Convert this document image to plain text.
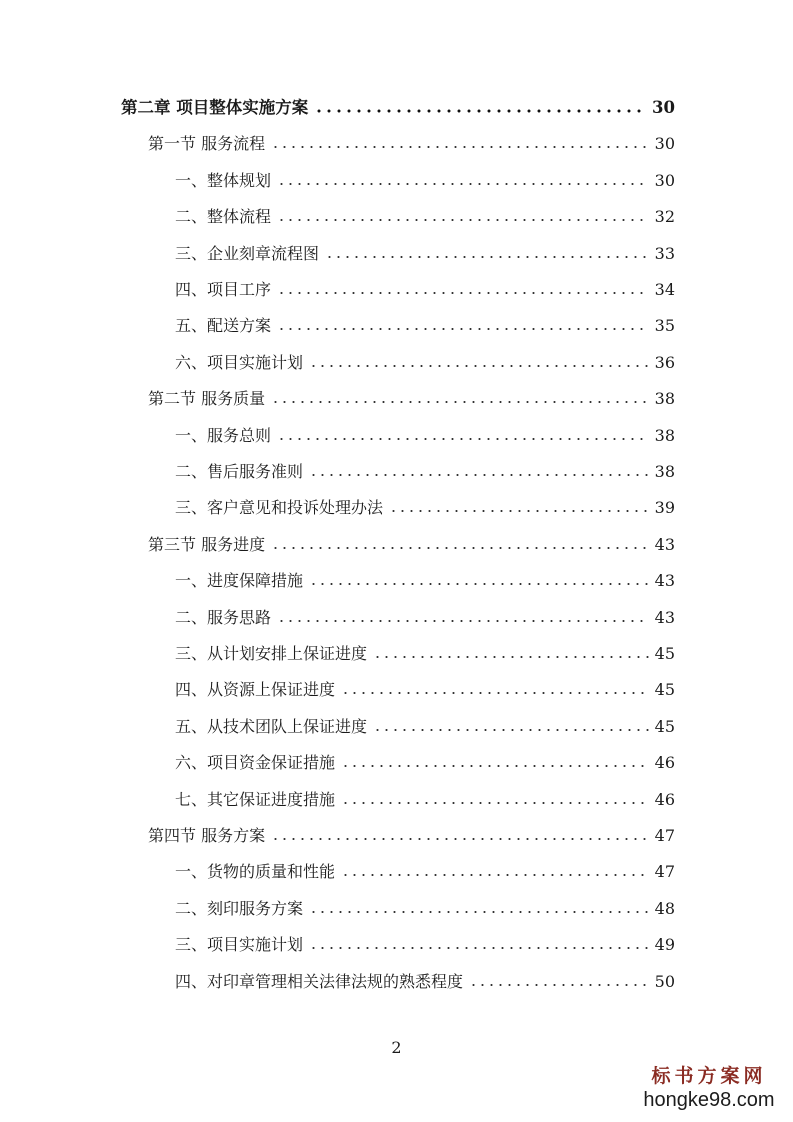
第二章 项目整体实施方案	30
第一节 服务流程	30
一、整体规划	30
二、整体流程	32
三、企业刻章流程图	33
四、项目工序	34
五、配送方案	35
六、项目实施计划	36
第二节 服务质量	38
一、服务总则	38
二、售后服务准则	38
三、客户意见和投诉处理办法	39
第三节 服务进度	43
一、进度保障措施	43
二、服务思路	43
三、从计划安排上保证进度	45
四、从资源上保证进度	45
五、从技术团队上保证进度	45
六、项目资金保证措施	46
七、其它保证进度措施	46
第四节 服务方案	47
一、货物的质量和性能	47
二、刻印服务方案	48
三、项目实施计划	49
四、对印章管理相关法律法规的熟悉程度	50
2
标书方案网
hongke98.com
